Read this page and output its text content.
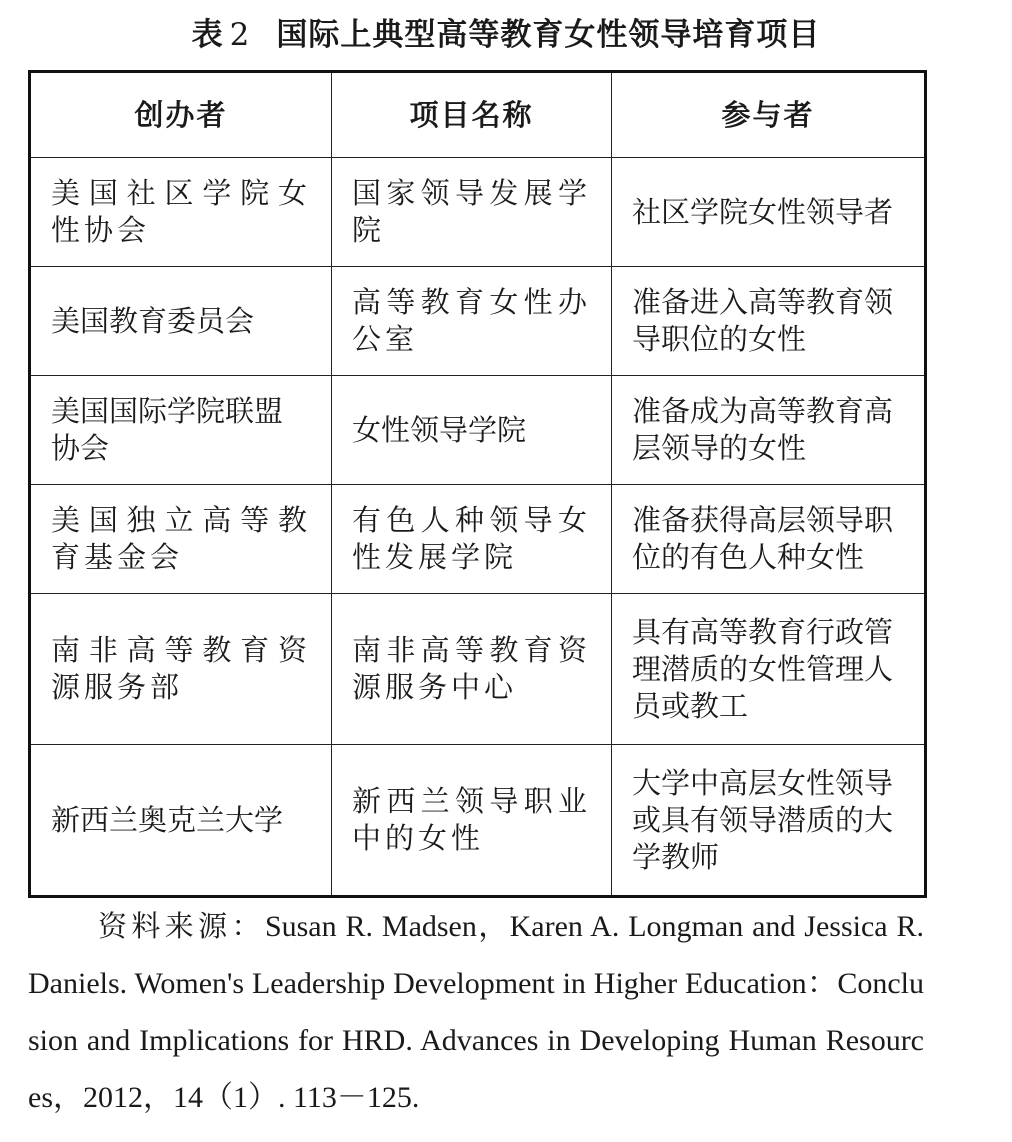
表 2 国际上典型高等教育女性领导培育项目
创办者	项目名称	参与者
美国社区学院女性协会	国家领导发展学院	社区学院女性领导者
美国教育委员会	高等教育女性办公室	准备进入高等教育领导职位的女性
美国国际学院联盟协会	女性领导学院	准备成为高等教育高层领导的女性
美国独立高等教育基金会	有色人种领导女性发展学院	准备获得高层领导职位的有色人种女性
南非高等教育资源服务部	南非高等教育资源服务中心	具有高等教育行政管理潜质的女性管理人员或教工
新西兰奥克兰大学	新西兰领导职业中的女性	大学中高层女性领导或具有领导潜质的大学教师
资料来源：Susan R. Madsen，Karen A. Longman and Jessica R. Daniels. Women's Leadership Development in Higher Education：Conclusion and Implications for HRD. Advances in Developing Human Resources，2012，14（1）. 113－125.
